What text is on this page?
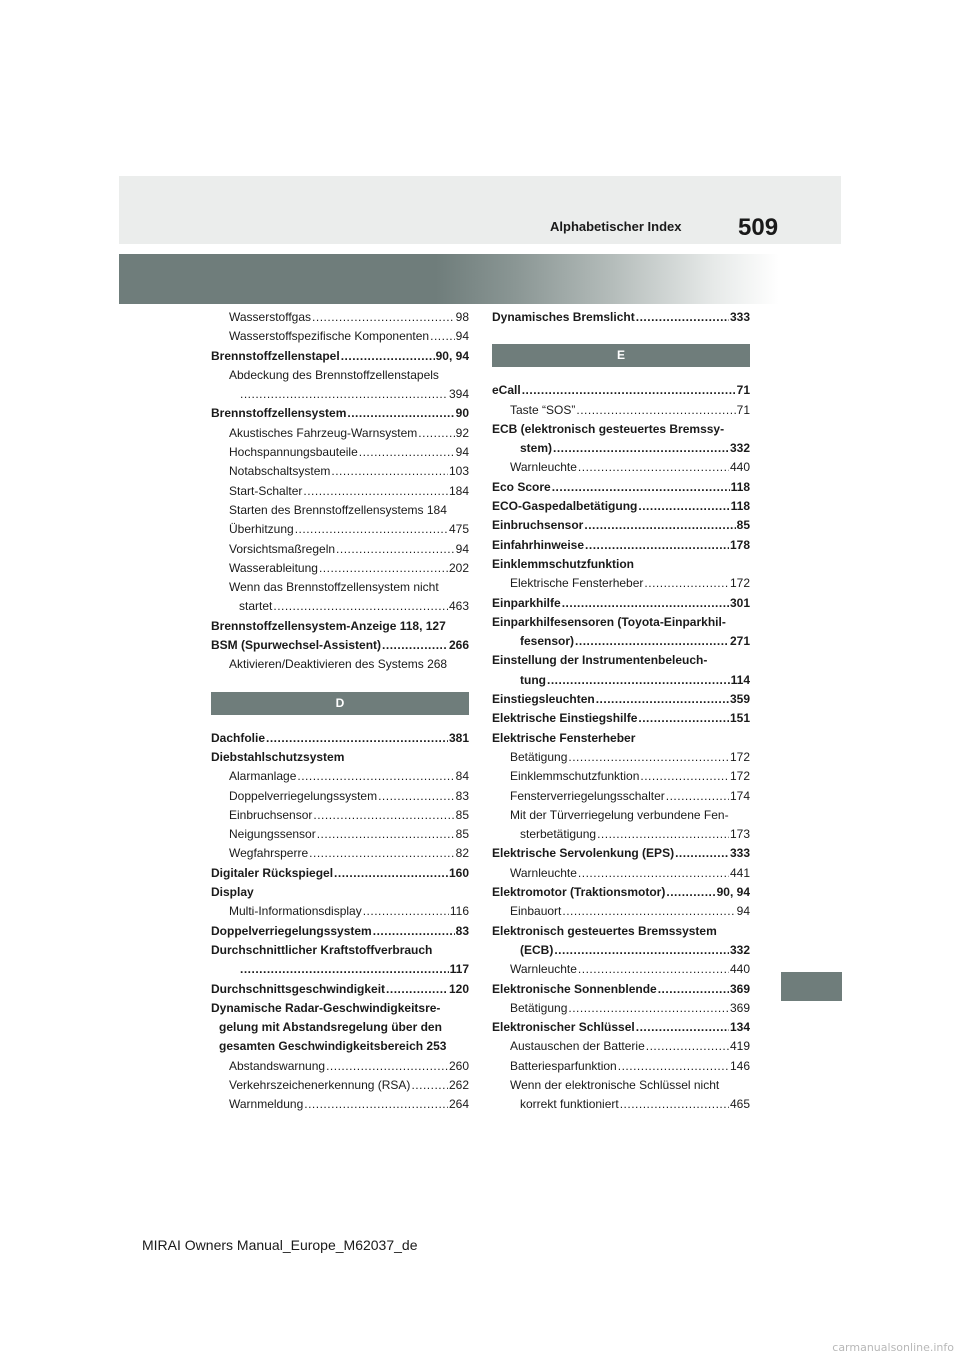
509
Alphabetischer Index
Wasserstoffgas .....	98
Wasserstoffspezifische Komponenten ..... 94
Brennstoffzellenstapel .....	90, 94
Abdeckung des Brennstoffzellenstapels
.....
394
Brennstoffzellensystem .....	90
Akustisches Fahrzeug-Warnsystem .....	92
Hochspannungsbauteile .....	94
Notabschaltsystem .....	103
Start-Schalter .....	184
Starten des Brennstoffzellensystems 184
Überhitzung .....	475
Vorsichtsmaßregeln .....	94
Wasserableitung .....	202
Wenn das Brennstoffzellensystem nicht
startet .....	463
Brennstoffzellensystem-Anzeige 118, 127
BSM (Spurwechsel-Assistent) .....	266
Aktivieren/Deaktivieren des Systems 268
D
Dachfolie .....	381
Diebstahlschutzsystem
Alarmanlage .....	84
Doppelverriegelungssystem .....	83
Einbruchsensor .....	85
Neigungssensor .....	85
Wegfahrsperre .....	82
Digitaler Rückspiegel .....	160
Display
Multi-Informationsdisplay .....	116
Doppelverriegelungssystem .....	83
Durchschnittlicher Kraftstoffverbrauch
.....
117
Durchschnittsgeschwindigkeit .....	120
Dynamische Radar-Geschwindigkeitsre-
gelung mit Abstandsregelung über den
gesamten Geschwindigkeitsbereich 253
Abstandswarnung .....	260
Verkehrszeichenerkennung (RSA) .....	262
Warnmeldung .....	264
Dynamisches Bremslicht .....	333
E
eCall .....	71
Taste “SOS” .....	71
ECB (elektronisch gesteuertes Bremssy-
stem) .....	332
Warnleuchte .....	440
Eco Score .....	118
ECO-Gaspedalbetätigung .....	118
Einbruchsensor .....	85
Einfahrhinweise .....	178
Einklemmschutzfunktion
Elektrische Fensterheber .....	172
Einparkhilfe .....	301
Einparkhilfesensoren (Toyota-Einparkhil-
fesensor) .....	271
Einstellung der Instrumentenbeleuch-
tung .....	114
Einstiegsleuchten .....	359
Elektrische Einstiegshilfe .....	151
Elektrische Fensterheber
Betätigung .....	172
Einklemmschutzfunktion .....	172
Fensterverriegelungsschalter .....	174
Mit der Türverriegelung verbundene Fen-
sterbetätigung .....	173
Elektrische Servolenkung (EPS) .....	333
Warnleuchte .....	441
Elektromotor (Traktionsmotor) .....	90, 94
Einbauort .....	94
Elektronisch gesteuertes Bremssystem
(ECB) .....	332
Warnleuchte .....	440
Elektronische Sonnenblende .....	369
Betätigung .....	369
Elektronischer Schlüssel .....	134
Austauschen der Batterie .....	419
Batteriesparfunktion .....	146
Wenn der elektronische Schlüssel nicht
korrekt funktioniert .....	465
MIRAI Owners Manual_Europe_M62037_de
carmanualsonline.info
